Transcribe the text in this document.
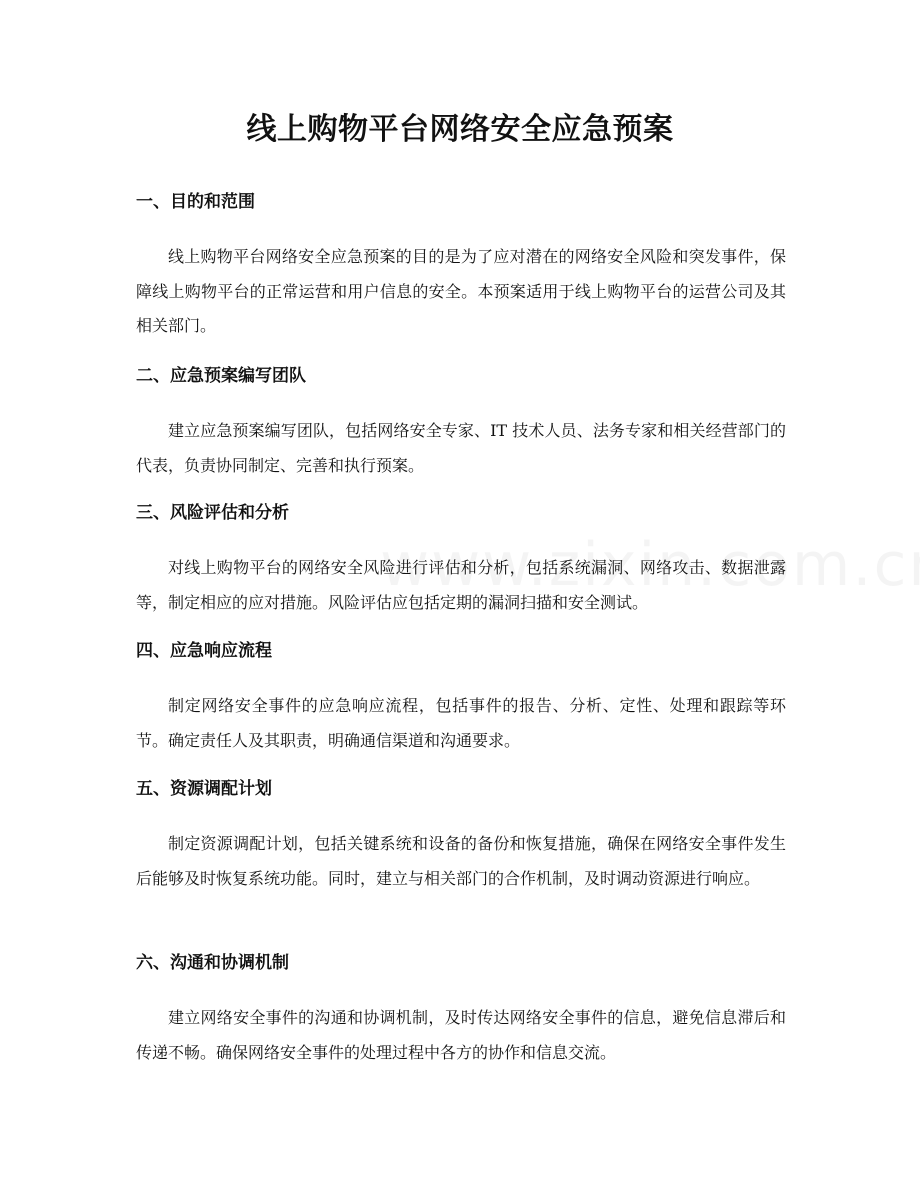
线上购物平台网络安全应急预案
一、目的和范围

线上购物平台网络安全应急预案的目的是为了应对潜在的网络安全风险和突发事件，保障线上购物平台的正常运营和用户信息的安全。本预案适用于线上购物平台的运营公司及其相关部门。

二、应急预案编写团队

建立应急预案编写团队，包括网络安全专家、IT 技术人员、法务专家和相关经营部门的代表，负责协同制定、完善和执行预案。

三、风险评估和分析

对线上购物平台的网络安全风险进行评估和分析，包括系统漏洞、网络攻击、数据泄露等，制定相应的应对措施。风险评估应包括定期的漏洞扫描和安全测试。

四、应急响应流程

制定网络安全事件的应急响应流程，包括事件的报告、分析、定性、处理和跟踪等环节。确定责任人及其职责，明确通信渠道和沟通要求。

五、资源调配计划

制定资源调配计划，包括关键系统和设备的备份和恢复措施，确保在网络安全事件发生后能够及时恢复系统功能。同时，建立与相关部门的合作机制，及时调动资源进行响应。

六、沟通和协调机制

建立网络安全事件的沟通和协调机制，及时传达网络安全事件的信息，避免信息滞后和传递不畅。确保网络安全事件的处理过程中各方的协作和信息交流。
